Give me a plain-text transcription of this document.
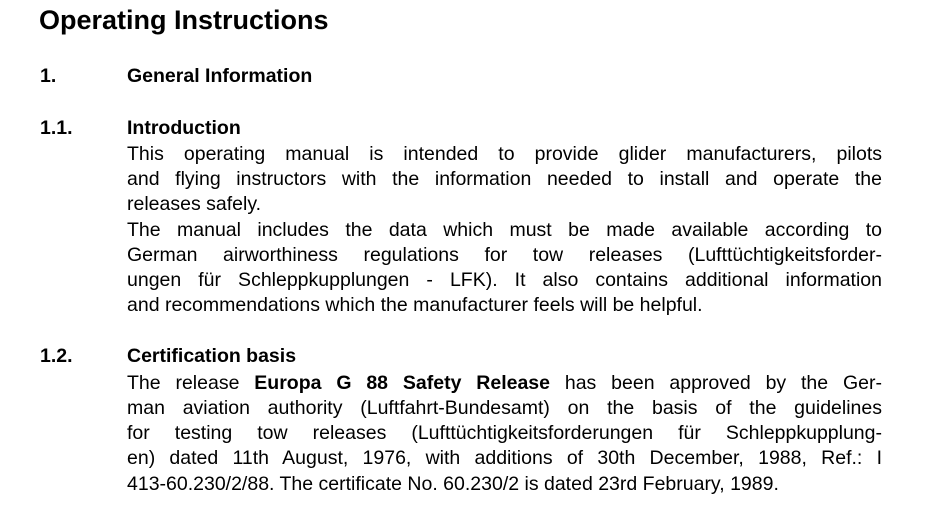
Operating Instructions
1.	General Information
1.1.	Introduction
This operating manual is intended to provide glider manufacturers, pilots
and flying instructors with the information needed to install and operate the
releases safely.
The manual includes the data which must be made available according to
German airworthiness regulations for tow releases (Lufttüchtigkeitsforder-
ungen für Schleppkupplungen - LFK). It also contains additional information
and recommendations which the manufacturer feels will be helpful.
1.2.	Certification basis
The release Europa G 88 Safety Release has been approved by the Ger-
man aviation authority (Luftfahrt-Bundesamt) on the basis of the guidelines
for testing tow releases (Lufttüchtigkeitsforderungen für Schleppkupplung-
en) dated 11th August, 1976, with additions of 30th December, 1988, Ref.: I
413-60.230/2/88. The certificate No. 60.230/2 is dated 23rd February, 1989.
